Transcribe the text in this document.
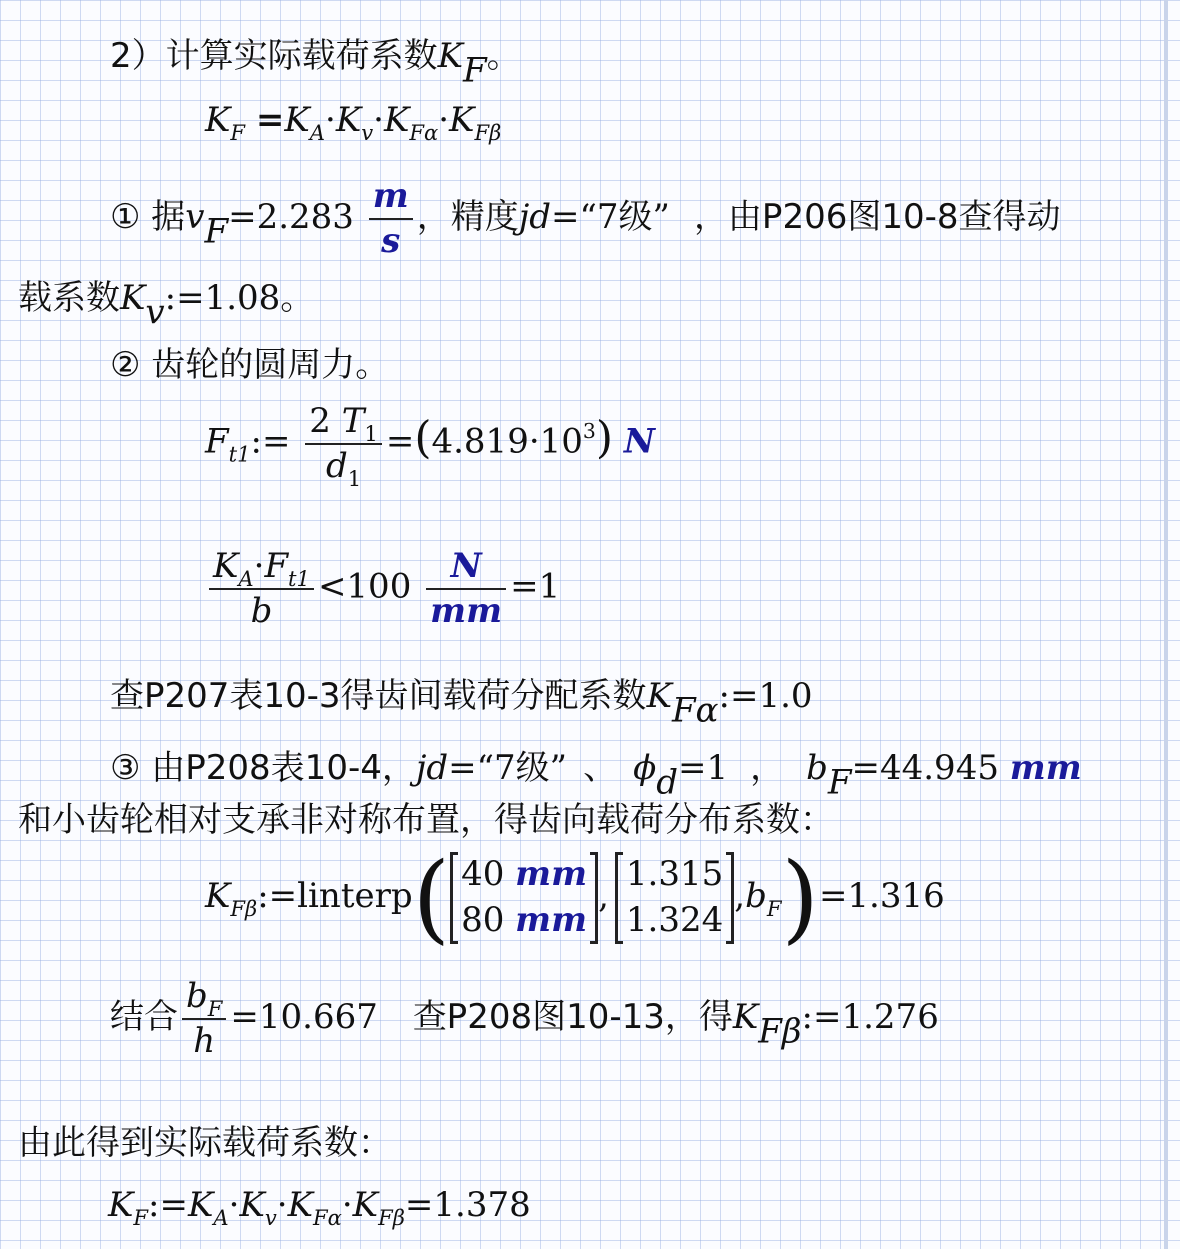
2）计算实际载荷系数$K_F$。
$K_F =K_A\cdot K_v\cdot K_{F\alpha}\cdot K_{F\beta}$
① 据$v_F=2.283 \frac{m}{s}$ ，精度jd=“7级” ，由P206图10-8查得动
载系数$K_v:=1.08$。
② 齿轮的圆周力。
$F_{t1}:= \frac{2 T_1}{d_1} =(4.819\cdot 10^3)$ N
$\frac{K_A\cdot F_{t1}}{b} <100 \frac{N}{mm} =1$
查P207表10-3得齿间载荷分配系数$K_{F\alpha}:=1.0$
③ 由P208表10-4，jd=“7级” 、 $\phi_d=1$ ， $b_F=44.945$ mm
和小齿轮相对支承非对称布置，得齿向载荷分布系数：
$K_{F\beta}:=linterp$( 40 mm
80 mm
,
1.315
1.324
$,b_F)=1.316$
结合 $\frac{b_F}{h} =10.667$ 查P208图10-13，得$K_{F\beta}:=1.276$
由此得到实际载荷系数：
$K_F:=K_A\cdot K_v\cdot K_{F\alpha}\cdot K_{F\beta}=1.378$
